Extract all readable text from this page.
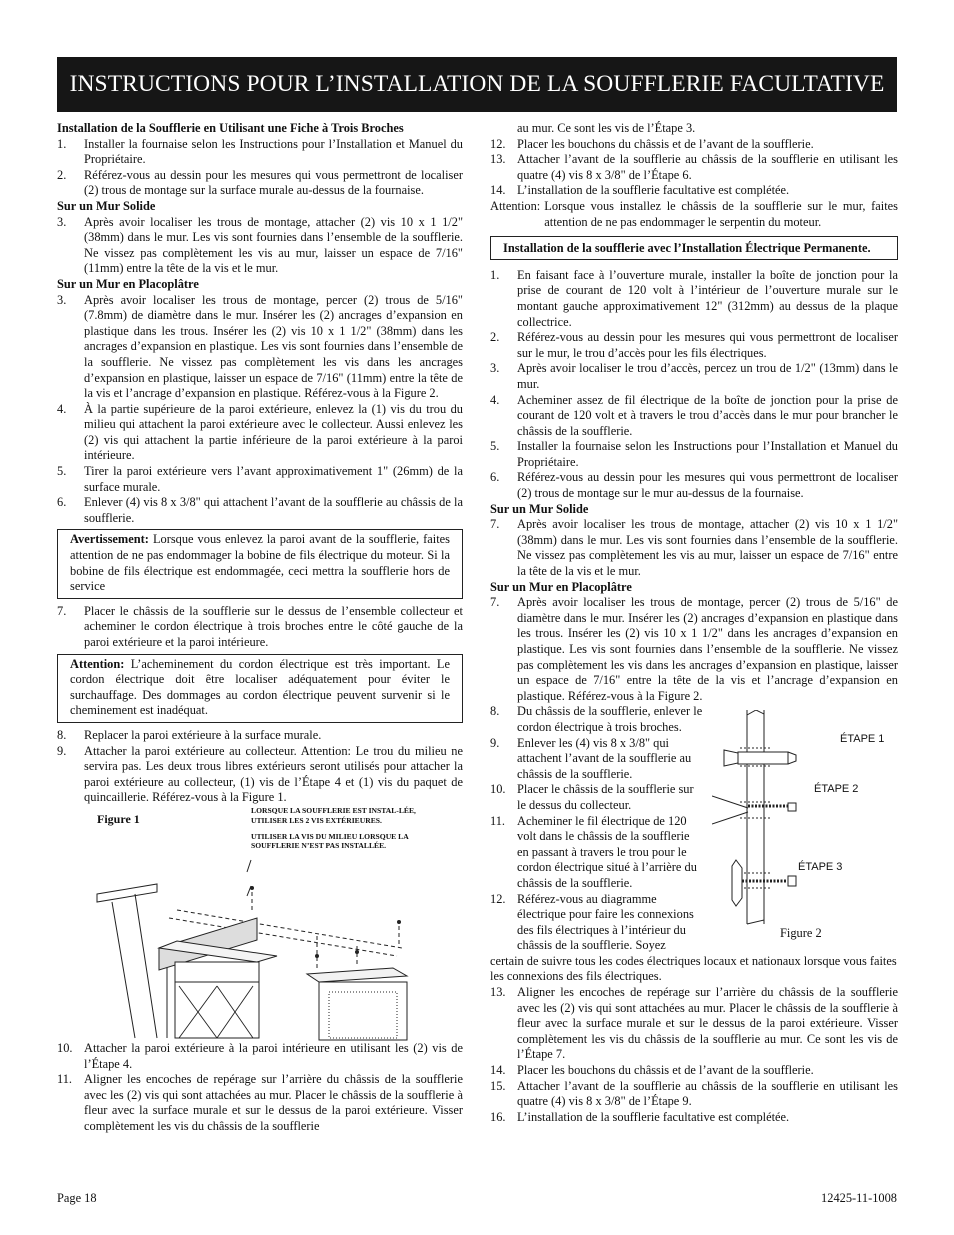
INSTRUCTIONS POUR L’INSTALLATION DE LA SOUFFLERIE FACULTATIVE
Installation de la Soufflerie en Utilisant une Fiche à Trois Broches
1.	Installer la fournaise selon les Instructions pour l’Installation et Manuel du Propriétaire.
2.	Référez-vous au dessin pour les mesures qui vous permettront de localiser (2) trous de montage sur la surface murale au-dessus de la fournaise.
Sur un Mur Solide
3.	Après avoir localiser les trous de montage, attacher (2) vis 10 x 1 1/2" (38mm) dans le mur. Les vis sont fournies dans l’ensemble de la soufflerie. Ne vissez pas complètement les vis au mur, laisser un espace de 7/16" (11mm) entre la tête de la vis et le mur.
Sur un Mur en Placoplâtre
3.	Après avoir localiser les trous de montage, percer (2) trous de 5/16" (7.8mm) de diamètre dans le mur. Insérer les (2) ancrages d’expansion en plastique dans les trous. Insérer les (2) vis 10 x 1 1/2" (38mm) dans les ancrages d’expansion en plastique. Les vis sont fournies dans l’ensemble de la soufflerie. Ne vissez pas complètement les vis dans les ancrages d’expansion en plastique, laisser un espace de 7/16" (11mm) entre la tête de la vis et l’ancrage d’expansion en plastique. Référez-vous à la Figure 2.
4.	À la partie supérieure de la paroi extérieure, enlevez la (1) vis du trou du milieu qui attachent la paroi extérieure avec le collecteur. Aussi enlevez les (2) vis qui attachent la partie inférieure de la paroi extérieure à la paroi intérieure.
5.	Tirer la paroi extérieure vers l’avant approximativement 1" (26mm) de la surface murale.
6.	Enlever (4) vis 8 x 3/8" qui attachent l’avant de la soufflerie au châssis de la soufflerie.
Avertissement: Lorsque vous enlevez la paroi avant de la soufflerie, faites attention de ne pas endommager la bobine de fils électrique du moteur. Si la bobine de fils électrique est endommagée, ceci mettra la soufflerie hors de service
7.	Placer le châssis de la soufflerie sur le dessus de l’ensemble collecteur et acheminer le cordon électrique à trois broches entre le côté gauche de la paroi extérieure et la paroi intérieure.
Attention: L’acheminement du cordon électrique est très important. Le cordon électrique doit être localiser adéquatement pour éviter le surchauffage. Des dommages au cordon électrique peuvent survenir si le cheminement est inadéquat.
8.	Replacer la paroi extérieure à la surface murale.
9.	Attacher la paroi extérieure au collecteur. Attention: Le trou du milieu ne servira pas. Les deux trous libres extérieurs seront utilisés pour attacher la paroi extérieure au collecteur, (1) vis de l’Étape 4 et (1) vis du paquet de quincaillerie. Référez-vous à la Figure 1.
Figure 1
LORSQUE LA SOUFFLERIE EST INSTAL-LÉE, UTILISER LES 2 VIS EXTÉRIEURES.
UTILISER LA VIS DU MILIEU LORSQUE LA SOUFFLERIE N’EST PAS INSTALLÉE.
10. Attacher la paroi extérieure à la paroi intérieure en utilisant les (2) vis de l’Étape 4.
11. Aligner les encoches de repérage sur l’arrière du châssis de la soufflerie avec les (2) vis qui sont attachées au mur. Placer le châssis de la soufflerie à fleur avec la surface murale et sur le dessus de la paroi extérieure. Visser complètement les vis du châssis de la soufflerie
au mur. Ce sont les vis de l’Étape 3.
12. Placer les bouchons du châssis et de l’avant de la soufflerie.
13. Attacher l’avant de la soufflerie au châssis de la soufflerie en utilisant les quatre (4) vis 8 x 3/8" de l’Étape 6.
14. L’installation de la soufflerie facultative est complétée.
Attention: Lorsque vous installez le châssis de la soufflerie sur le mur, faites attention de ne pas endommager le serpentin du moteur.
Installation de la soufflerie avec l’Installation Électrique Permanente.
1.	En faisant face à l’ouverture murale, installer la boîte de jonction pour la prise de courant de 120 volt à l’intérieur de l’ouverture murale sur le montant gauche approximativement 12" (312mm) au dessus de la plaque collectrice.
2.	Référez-vous au dessin pour les mesures qui vous permettront de localiser sur le mur, le trou d’accès pour les fils électriques.
3.	Après avoir localiser le trou d’accès, percez un trou de 1/2" (13mm) dans le mur.
4.	Acheminer assez de fil électrique de la boîte de jonction pour la prise de courant de 120 volt et à travers le trou d’accès dans le mur pour brancher le châssis de la soufflerie.
5.	Installer la fournaise selon les Instructions pour l’Installation et Manuel du Propriétaire.
6.	Référez-vous au dessin pour les mesures qui vous permettront de localiser (2) trous de montage sur le mur au-dessus de la fournaise.
Sur un Mur Solide
7.	Après avoir localiser les trous de montage, attacher (2) vis 10 x 1 1/2" (38mm) dans le mur. Les vis sont fournies dans l’ensemble de la soufflerie. Ne vissez pas complètement les vis au mur, laisser un espace de 7/16" entre la tête de la vis et le mur.
Sur un Mur en Placoplâtre
7.	Après avoir localiser les trous de montage, percer (2) trous de 5/16" de diamètre dans le mur. Insérer les (2) ancrages d’expansion en plastique dans les trous. Insérer les (2) vis 10 x 1 1/2" dans les ancrages d’expansion en plastique. Les vis sont fournies dans l’ensemble de la soufflerie. Ne vissez pas complètement les vis dans les ancrages d’expansion en plastique, laisser un espace de 7/16" entre la tête de la vis et l’ancrage d’expansion en plastique. Référez-vous à la Figure 2.
8.	Du châssis de la soufflerie, enlever le cordon électrique à trois broches.
9.	Enlever les (4) vis 8 x 3/8" qui attachent l’avant de la soufflerie au châssis de la soufflerie.
10. Placer le châssis de la soufflerie sur le dessus du collecteur.
11. Acheminer le fil électrique de 120 volt dans le châssis de la soufflerie en passant à travers le trou pour le cordon électrique situé à l’arrière du châssis de la soufflerie.
12. Référez-vous au diagramme électrique pour faire les connexions des fils électriques à l’intérieur du châssis de la soufflerie. Soyez
ÉTAPE 1
ÉTAPE 2
ÉTAPE 3
Figure 2
certain de suivre tous les codes électriques locaux et nationaux lorsque vous faites les connexions des fils électriques.
13. Aligner les encoches de repérage sur l’arrière du châssis de la soufflerie avec les (2) vis qui sont attachées au mur. Placer le châssis de la soufflerie à fleur avec la surface murale et sur le dessus de la paroi extérieure. Visser complètement les vis du châssis de la soufflerie au mur. Ce sont les vis de l’Étape 7.
14. Placer les bouchons du châssis et de l’avant de la soufflerie.
15. Attacher l’avant de la soufflerie au châssis de la soufflerie en utilisant les quatre (4) vis 8 x 3/8" de l’Étape 9.
16. L’installation de la soufflerie facultative est complétée.
Page 18	12425-11-1008
